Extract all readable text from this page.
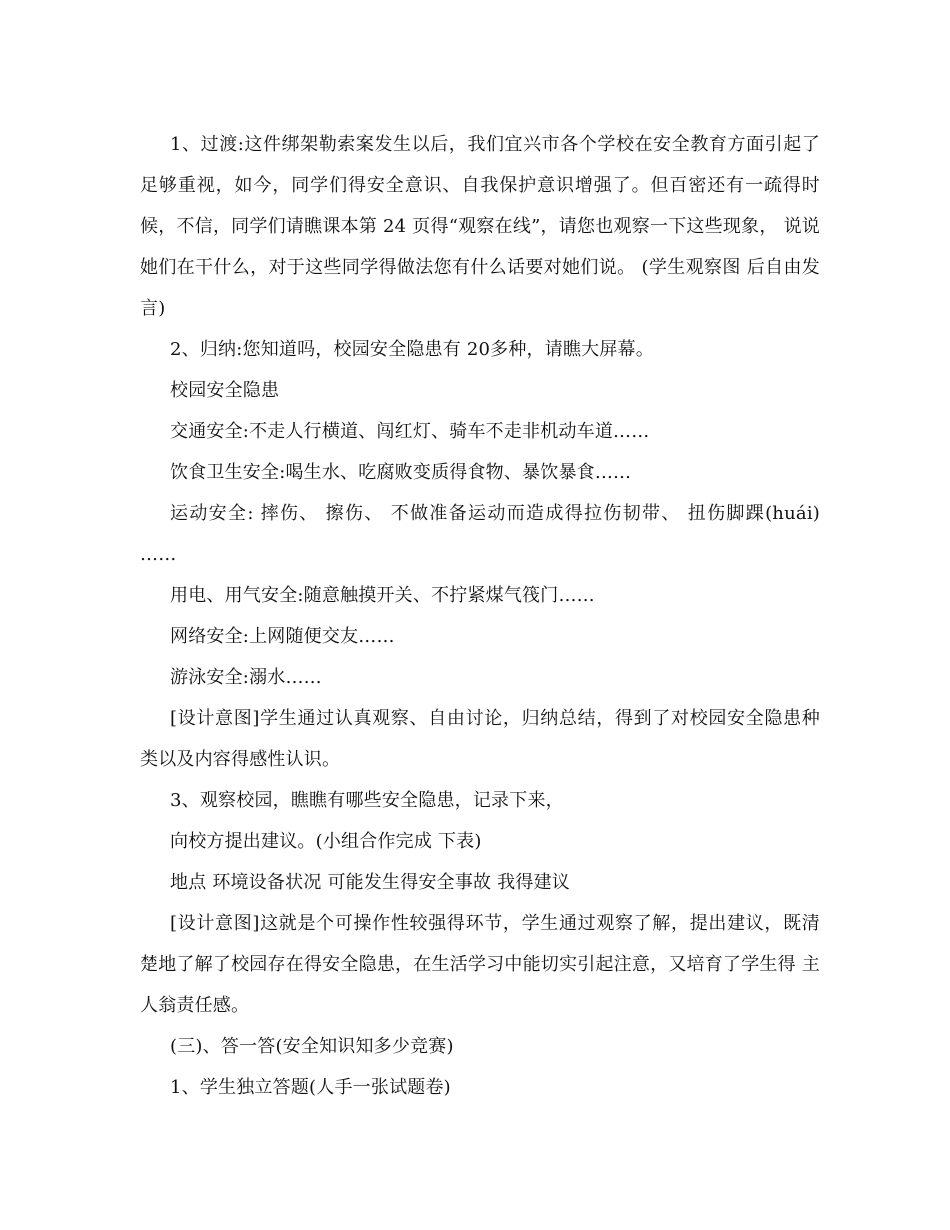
1、过渡:这件绑架勒索案发生以后，我们宜兴市各个学校在安全教育方面引起了足够重视，如今，同学们得安全意识、自我保护意识增强了。但百密还有一疏得时 候，不信，同学们请瞧课本第 24 页得“观察在线”，请您也观察一下这些现象， 说说她们在干什么，对于这些同学得做法您有什么话要对她们说。 (学生观察图 后自由发言)

2、归纳:您知道吗，校园安全隐患有 20多种，请瞧大屏幕。

校园安全隐患

交通安全:不走人行横道、闯红灯、骑车不走非机动车道……

饮食卫生安全:喝生水、吃腐败变质得食物、暴饮暴食……

运动安全: 摔伤、 擦伤、 不做准备运动而造成得拉伤韧带、 扭伤脚踝(huái) ……

用电、用气安全:随意触摸开关、不拧紧煤气筏门……

网络安全:上网随便交友……

游泳安全:溺水……

[设计意图]学生通过认真观察、自由讨论，归纳总结，得到了对校园安全隐患种类以及内容得感性认识。

3、观察校园，瞧瞧有哪些安全隐患，记录下来，

向校方提出建议。(小组合作完成 下表)

地点 环境设备状况 可能发生得安全事故 我得建议

[设计意图]这就是个可操作性较强得环节，学生通过观察了解，提出建议，既清楚地了解了校园存在得安全隐患，在生活学习中能切实引起注意，又培育了学生得 主人翁责任感。

(三)、答一答(安全知识知多少竞赛)

1、学生独立答题(人手一张试题卷)
